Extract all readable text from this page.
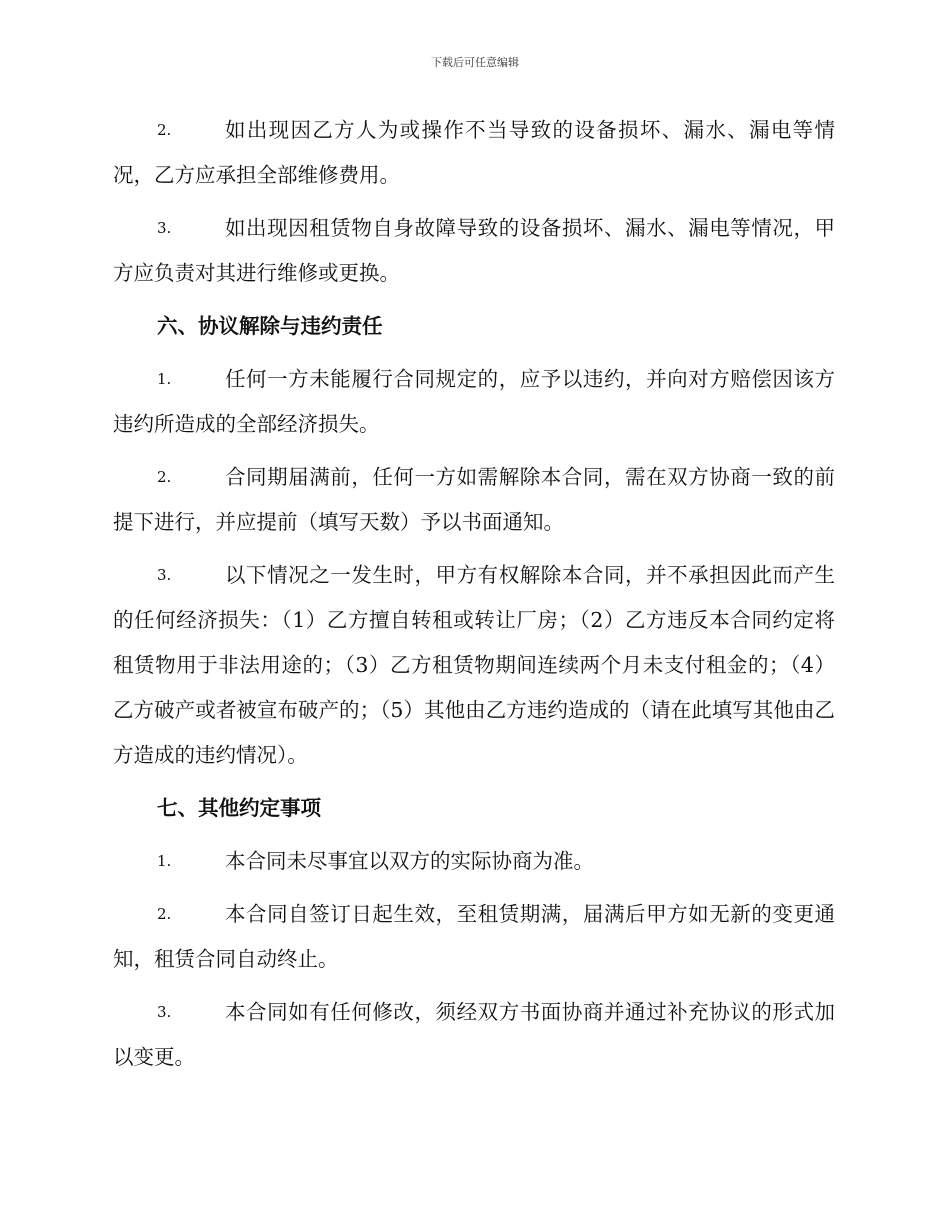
下载后可任意编辑
2.	如出现因乙方人为或操作不当导致的设备损坏、漏水、漏电等情况，乙方应承担全部维修费用。
3.	如出现因租赁物自身故障导致的设备损坏、漏水、漏电等情况，甲方应负责对其进行维修或更换。
六、协议解除与违约责任
1.	任何一方未能履行合同规定的，应予以违约，并向对方赔偿因该方违约所造成的全部经济损失。
2.	合同期届满前，任何一方如需解除本合同，需在双方协商一致的前提下进行，并应提前（填写天数）予以书面通知。
3.	以下情况之一发生时，甲方有权解除本合同，并不承担因此而产生的任何经济损失：（1）乙方擅自转租或转让厂房；（2）乙方违反本合同约定将租赁物用于非法用途的；（3）乙方租赁物期间连续两个月未支付租金的；（4）乙方破产或者被宣布破产的；（5）其他由乙方违约造成的（请在此填写其他由乙方造成的违约情况）。
七、其他约定事项
1.	本合同未尽事宜以双方的实际协商为准。
2.	本合同自签订日起生效，至租赁期满，届满后甲方如无新的变更通知，租赁合同自动终止。
3.	本合同如有任何修改，须经双方书面协商并通过补充协议的形式加以变更。
